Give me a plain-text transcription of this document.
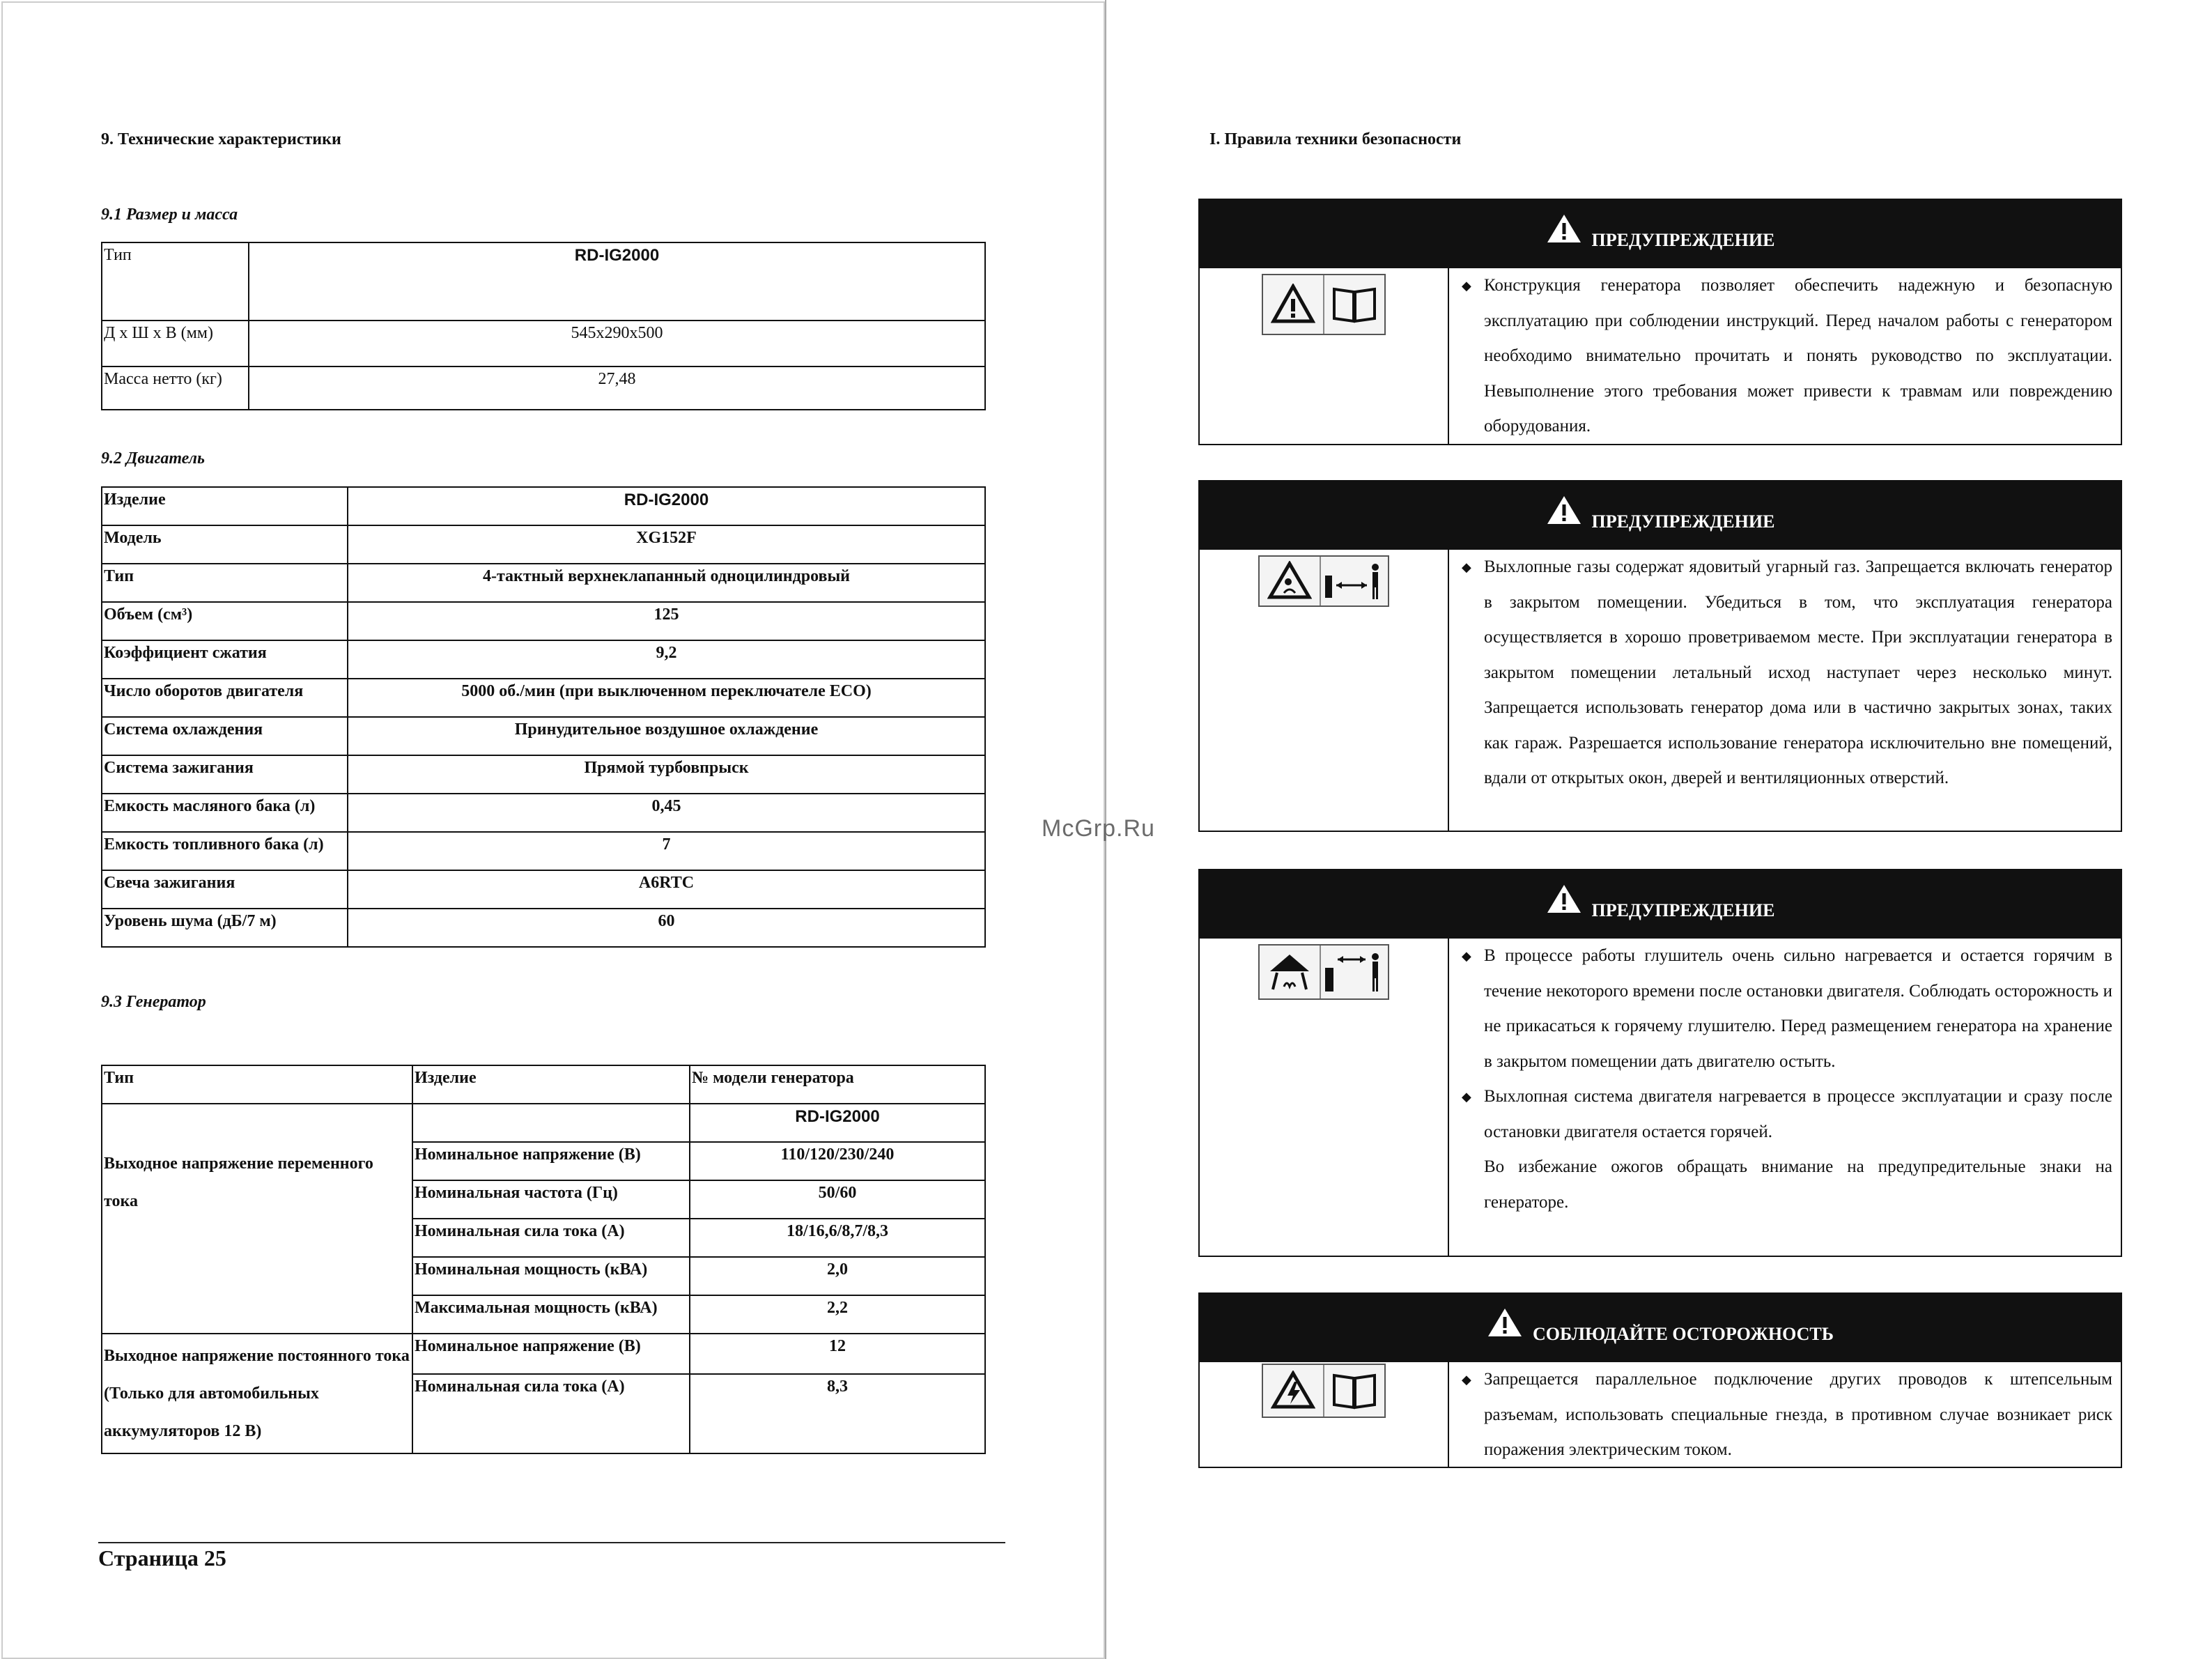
9. Технические характеристики
9.1 Размер и масса
Тип	RD-IG2000
Д х Ш х В (мм)	545x290x500
Масса нетто (кг)	27,48
9.2 Двигатель
Изделие	RD-IG2000
Модель	XG152F
Тип	4-тактный верхнеклапанный одноцилиндровый
Объем (см³)	125
Коэффициент сжатия	9,2
Число оборотов двигателя	5000 об./мин (при выключенном переключателе ECO)
Система охлаждения	Принудительное воздушное охлаждение
Система зажигания	Прямой турбовпрыск
Емкость масляного бака (л)	0,45
Емкость топливного бака (л)	7
Свеча зажигания	A6RTC
Уровень шума (дБ/7 м)	60
9.3 Генератор
Тип	Изделие	№ модели генератора
		RD-IG2000
Выходное напряжение переменного тока	Номинальное напряжение (В)	110/120/230/240
	Номинальная частота (Гц)	50/60
	Номинальная сила тока (А)	18/16,6/8,7/8,3
	Номинальная мощность (кВА)	2,0
	Максимальная мощность (кВА)	2,2
Выходное напряжение постоянного тока (Только для автомобильных аккумуляторов 12 В)	Номинальное напряжение (В)	12
	Номинальная сила тока (А)	8,3
Страница 25
I. Правила техники безопасности
ПРЕДУПРЕЖДЕНИЕ
◆ Конструкция генератора позволяет обеспечить надежную и безопасную эксплуатацию при соблюдении инструкций. Перед началом работы с генератором необходимо внимательно прочитать и понять руководство по эксплуатации. Невыполнение этого требования может привести к травмам или повреждению оборудования.
ПРЕДУПРЕЖДЕНИЕ
◆ Выхлопные газы содержат ядовитый угарный газ. Запрещается включать генератор в закрытом помещении. Убедиться в том, что эксплуатация генератора осуществляется в хорошо проветриваемом месте. При эксплуатации генератора в закрытом помещении летальный исход наступает через несколько минут. Запрещается использовать генератор дома или в частично закрытых зонах, таких как гараж. Разрешается использование генератора исключительно вне помещений, вдали от открытых окон, дверей и вентиляционных отверстий.
ПРЕДУПРЕЖДЕНИЕ
◆ В процессе работы глушитель очень сильно нагревается и остается горячим в течение некоторого времени после остановки двигателя. Соблюдать осторожность и не прикасаться к горячему глушителю. Перед размещением генератора на хранение в закрытом помещении дать двигателю остыть.
◆ Выхлопная система двигателя нагревается в процессе эксплуатации и сразу после остановки двигателя остается горячей.
Во избежание ожогов обращать внимание на предупредительные знаки на генераторе.
СОБЛЮДАЙТЕ ОСТОРОЖНОСТЬ
◆ Запрещается параллельное подключение других проводов к штепсельным разъемам, использовать специальные гнезда, в противном случае возникает риск поражения электрическим током.
McGrp.Ru
